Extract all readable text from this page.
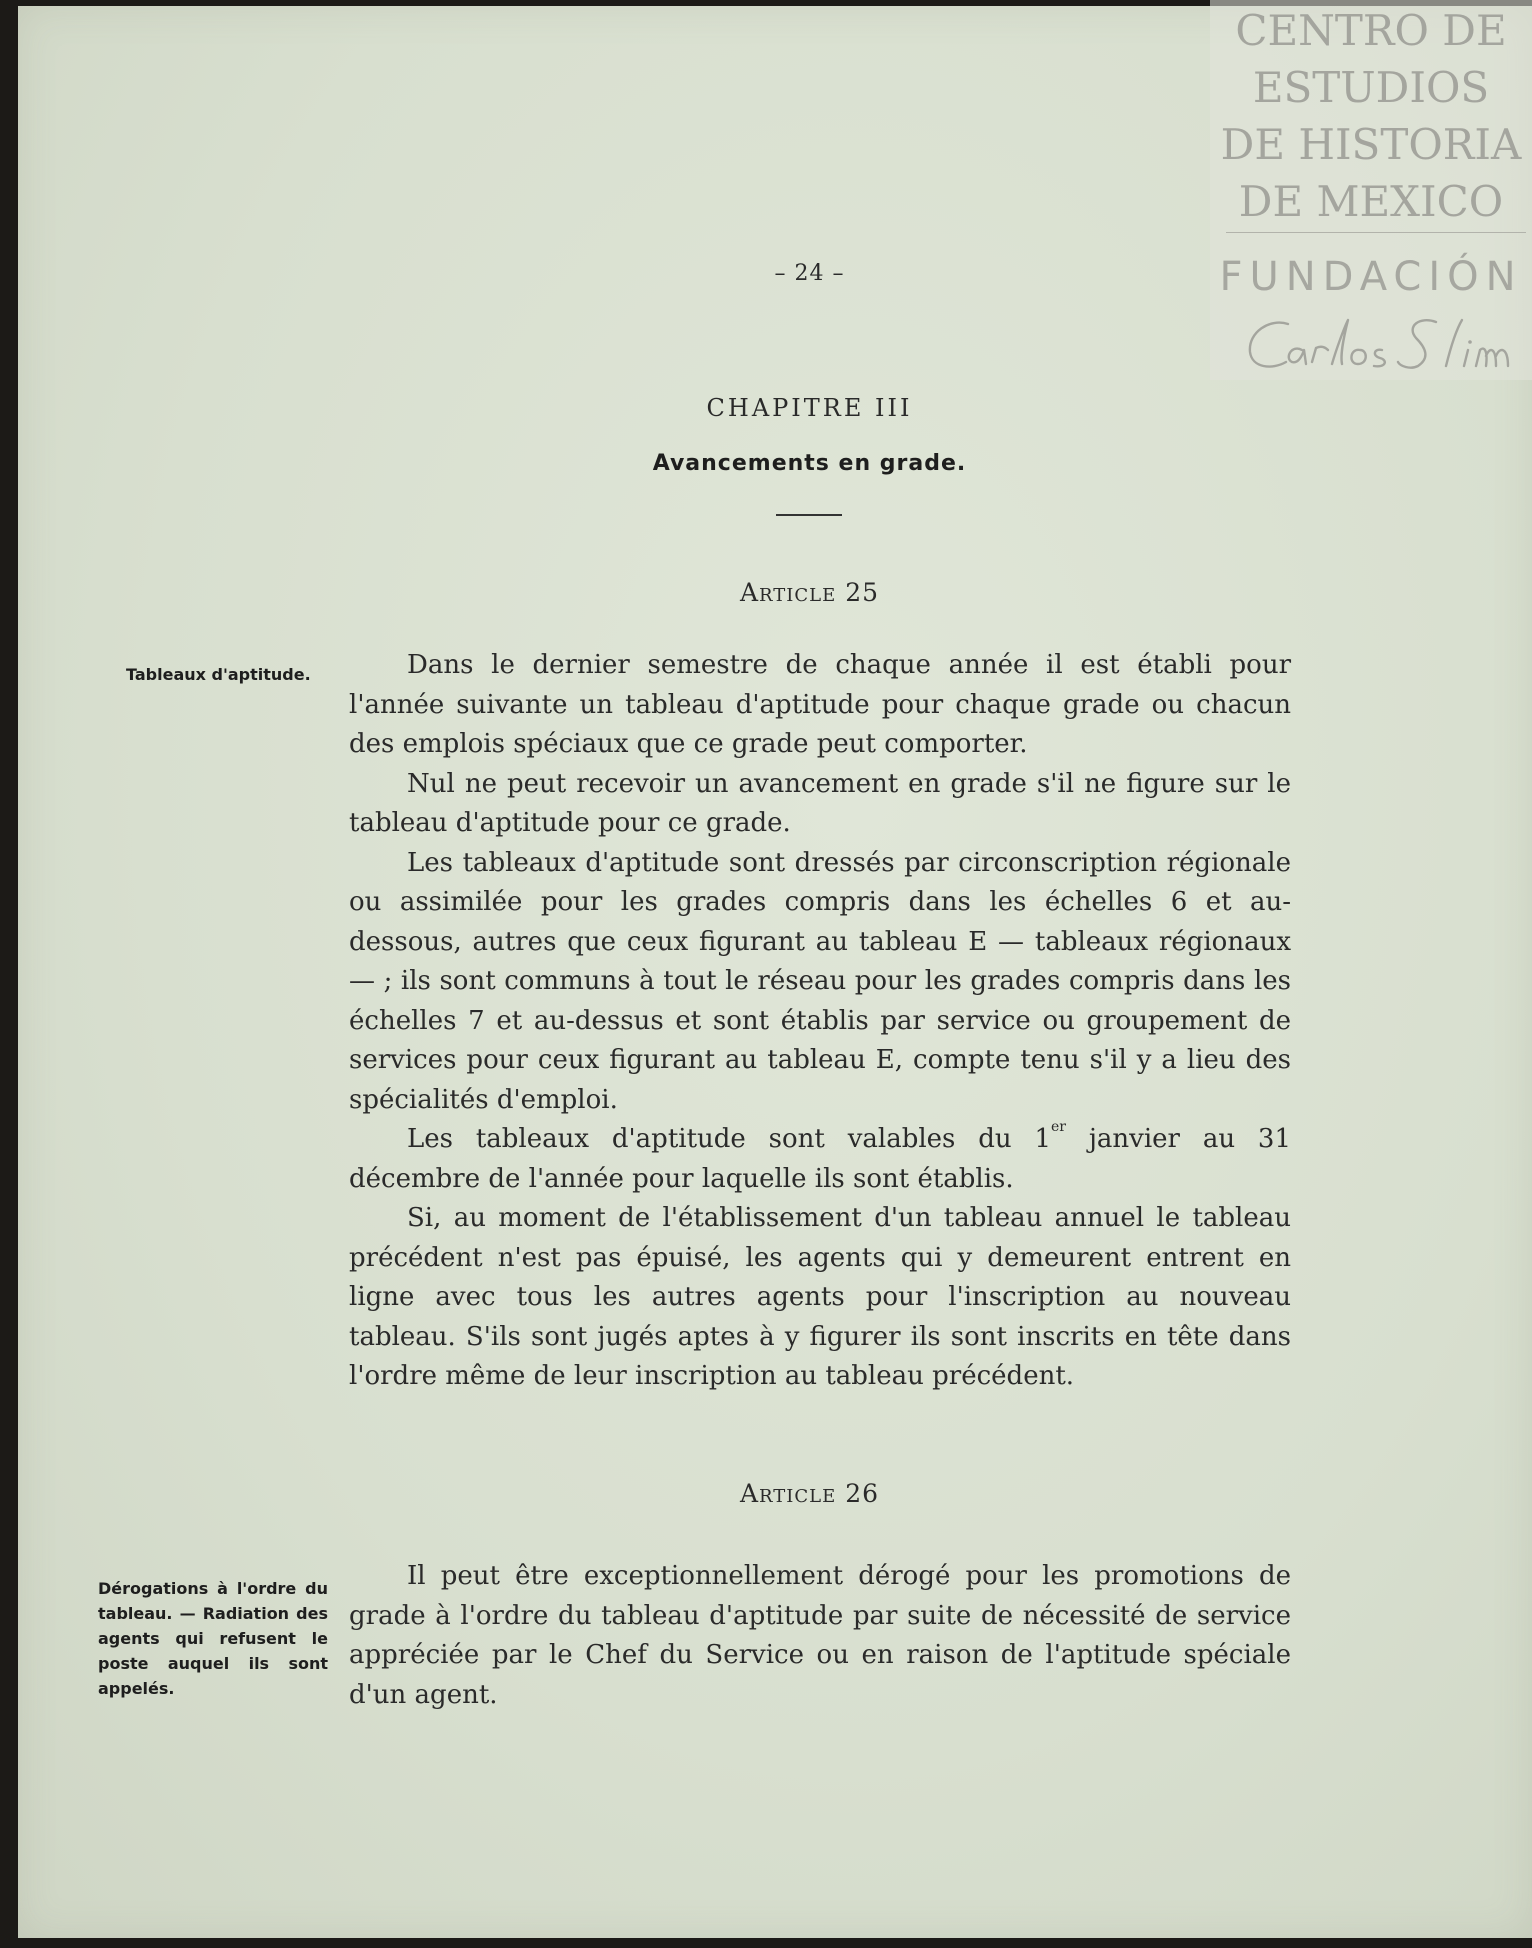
– 24 –
CHAPITRE III
Avancements en grade.
Article 25
Tableaux d'aptitude.	Dans le dernier semestre de chaque année il est établi pour l'année suivante un tableau d'aptitude pour chaque grade ou chacun des emplois spéciaux que ce grade peut comporter.

Nul ne peut recevoir un avancement en grade s'il ne figure sur le tableau d'aptitude pour ce grade.

Les tableaux d'aptitude sont dressés par circonscription régionale ou assimilée pour les grades compris dans les échelles 6 et au-dessous, autres que ceux figurant au tableau E — tableaux régionaux — ; ils sont communs à tout le réseau pour les grades compris dans les échelles 7 et au-dessus et sont établis par service ou groupement de services pour ceux figurant au tableau E, compte tenu s'il y a lieu des spécialités d'emploi.

Les tableaux d'aptitude sont valables du 1er janvier au 31 décembre de l'année pour laquelle ils sont établis.

Si, au moment de l'établissement d'un tableau annuel le tableau précédent n'est pas épuisé, les agents qui y demeurent entrent en ligne avec tous les autres agents pour l'inscription au nouveau tableau. S'ils sont jugés aptes à y figurer ils sont inscrits en tête dans l'ordre même de leur inscription au tableau précédent.

Article 26
Dérogations à l'ordre du tableau. — Radiation des agents qui refusent le poste auquel ils sont appelés.

Il peut être exceptionnellement dérogé pour les promotions de grade à l'ordre du tableau d'aptitude par suite de nécessité de service appréciée par le Chef du Service ou en raison de l'aptitude spéciale d'un agent.

CENTRO DE
ESTUDIOS
DE HISTORIA
DE MEXICO
FUNDACIÓN
